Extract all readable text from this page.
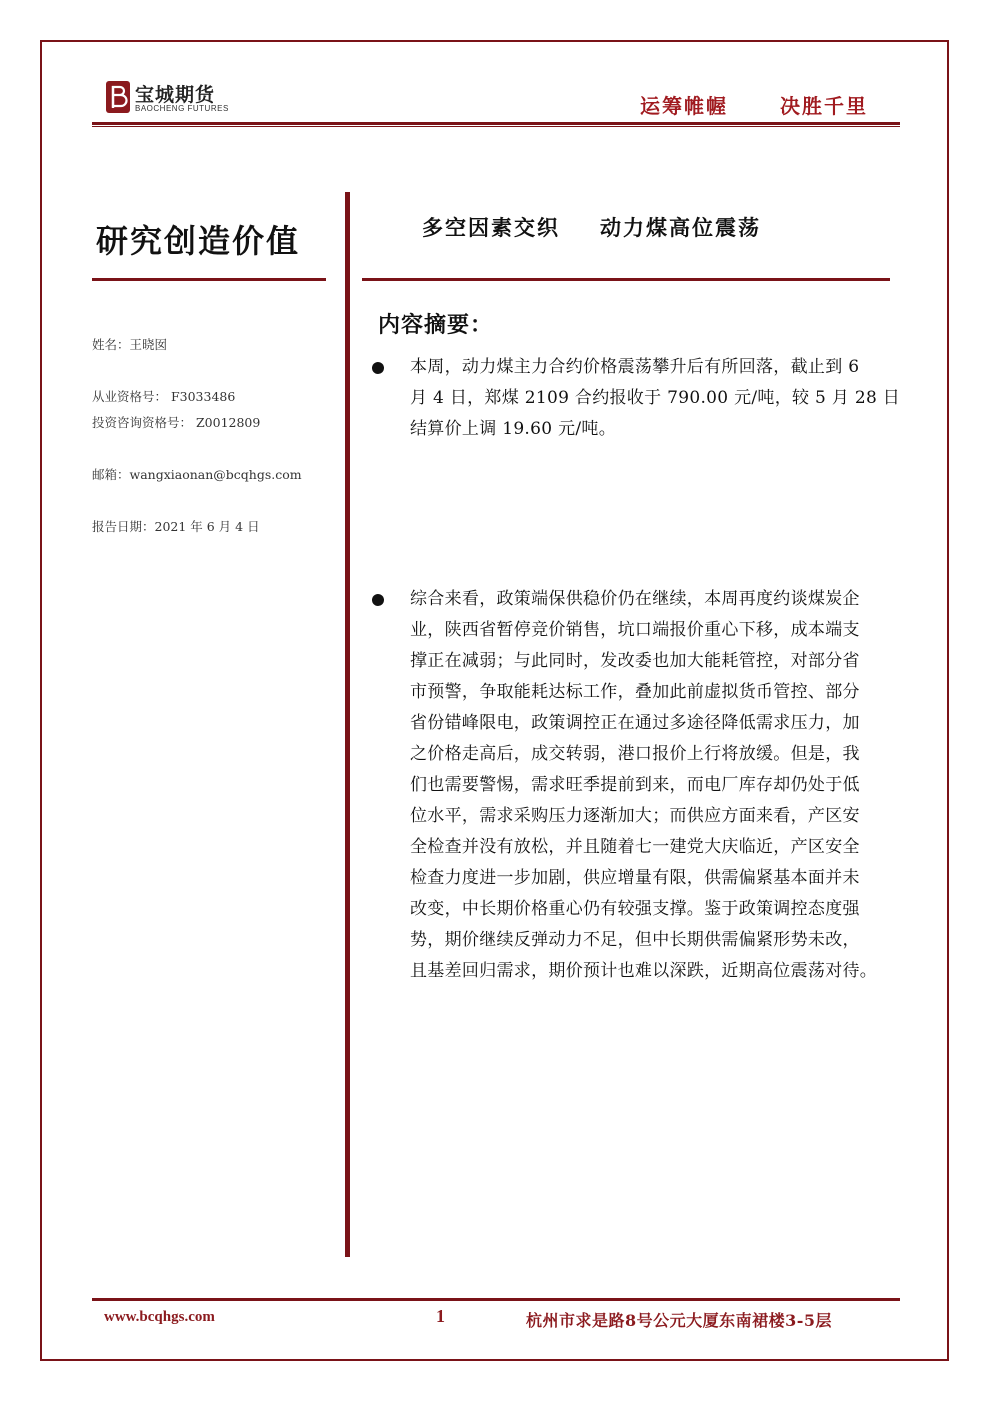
宝城期货
BAOCHENG FUTURES	运筹帷幄	决胜千里
研究创造价值
姓名：王晓囡
从业资格号： F3033486
投资咨询资格号： Z0012809
邮箱：wangxiaonan@bcqhgs.com
报告日期：2021 年 6 月 4 日
多空因素交织 动力煤高位震荡
内容摘要：
本周，动力煤主力合约价格震荡攀升后有所回落，截止到 6
月 4 日，郑煤 2109 合约报收于 790.00 元/吨，较 5 月 28 日
结算价上调 19.60 元/吨。
综合来看，政策端保供稳价仍在继续，本周再度约谈煤炭企
业，陕西省暂停竞价销售，坑口端报价重心下移，成本端支
撑正在减弱；与此同时，发改委也加大能耗管控，对部分省
市预警，争取能耗达标工作，叠加此前虚拟货币管控、部分
省份错峰限电，政策调控正在通过多途径降低需求压力，加
之价格走高后，成交转弱，港口报价上行将放缓。但是，我
们也需要警惕，需求旺季提前到来，而电厂库存却仍处于低
位水平，需求采购压力逐渐加大；而供应方面来看，产区安
全检查并没有放松，并且随着七一建党大庆临近，产区安全
检查力度进一步加剧，供应增量有限，供需偏紧基本面并未
改变，中长期价格重心仍有较强支撑。鉴于政策调控态度强
势，期价继续反弹动力不足，但中长期供需偏紧形势未改，
且基差回归需求，期价预计也难以深跌，近期高位震荡对待。
www.bcqhgs.com	1	杭州市求是路8号公元大厦东南裙楼3-5层
